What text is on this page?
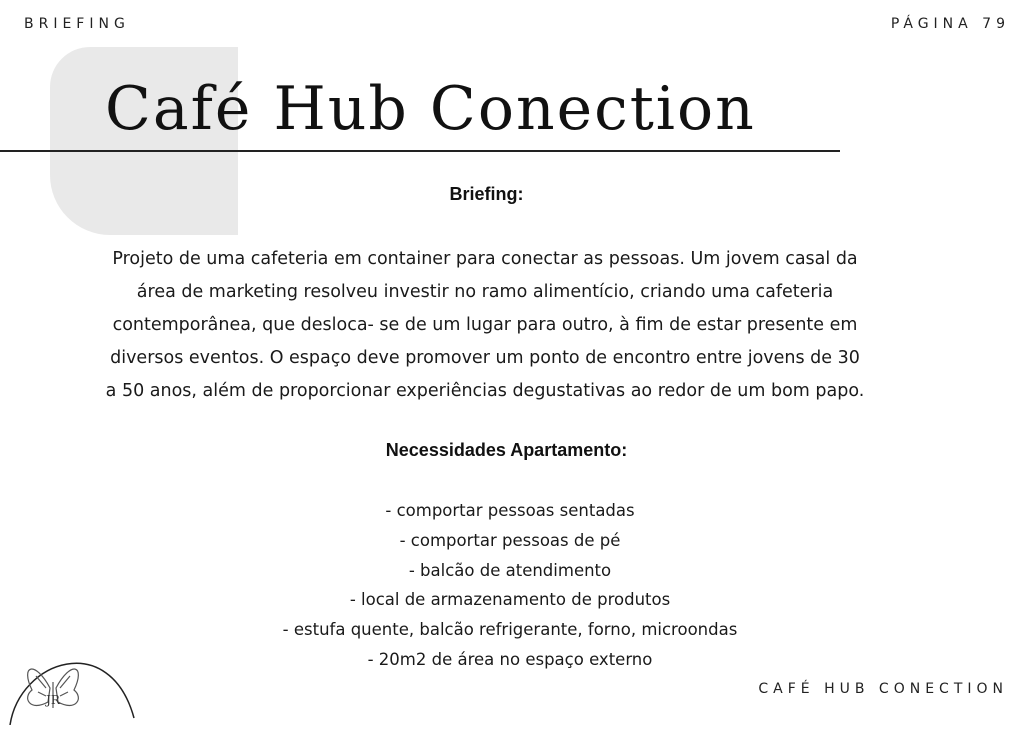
BRIEFING	PÁGINA 79
Café Hub Conection
Briefing:
Projeto de uma cafeteria em container para conectar as pessoas. Um jovem casal da
área de marketing resolveu investir no ramo alimentício, criando uma cafeteria
contemporânea, que desloca- se de um lugar para outro, à fim de estar presente em
diversos eventos. O espaço deve promover um ponto de encontro entre jovens de 30
a 50 anos, além de proporcionar experiências degustativas ao redor de um bom papo.
Necessidades Apartamento:
- comportar pessoas sentadas
- comportar pessoas de pé
- balcão de atendimento
- local de armazenamento de produtos
- estufa quente, balcão refrigerante, forno, microondas
- 20m2 de área no espaço externo
JR
CAFÉ HUB CONECTION
